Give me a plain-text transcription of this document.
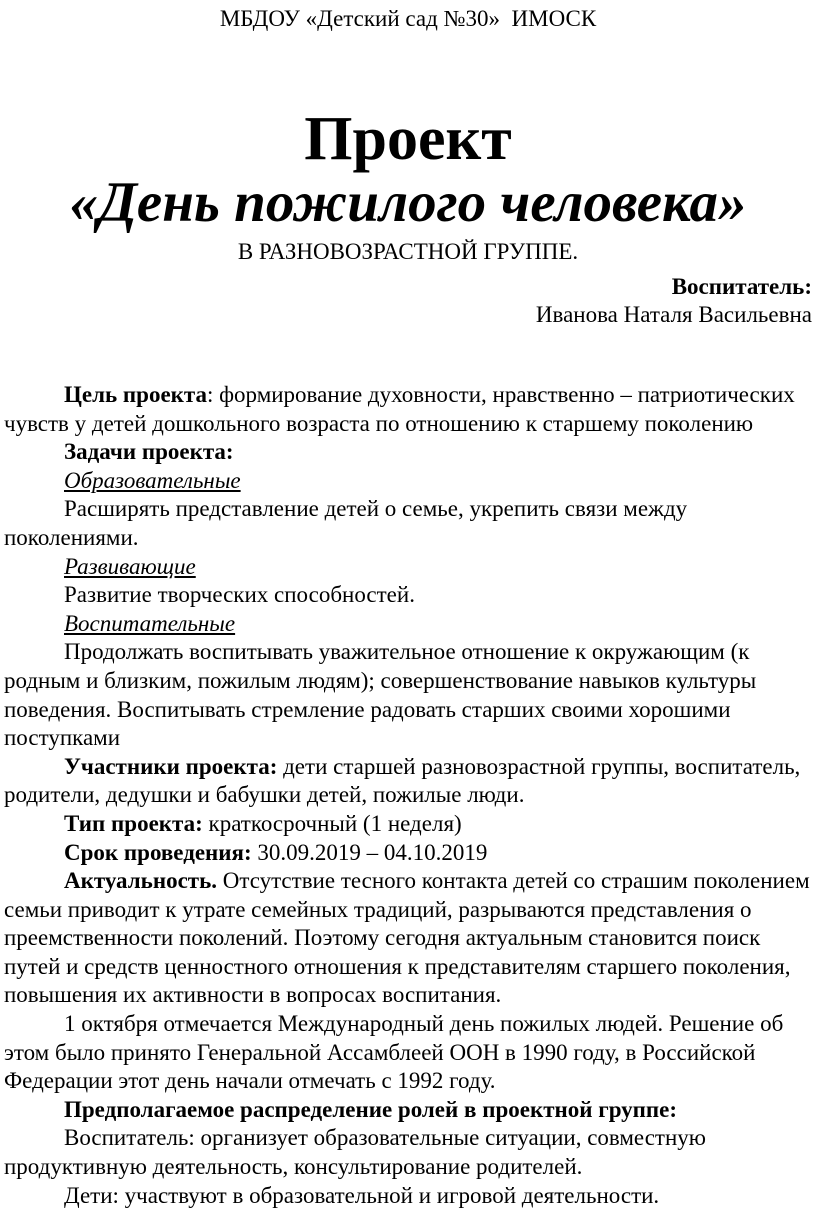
МБДОУ «Детский сад №30»  ИМОСК
Проект
«День пожилого человека»
В РАЗНОВОЗРАСТНОЙ ГРУППЕ.
Воспитатель:
Иванова Наталя Васильевна

Цель проекта: формирование духовности, нравственно – патриотических чувств у детей дошкольного возраста по отношению к старшему поколению

Задачи проекта:

Образовательные

Расширять представление детей о семье, укрепить связи между поколениями.

Развивающие

Развитие творческих способностей.

Воспитательные

Продолжать воспитывать уважительное отношение к окружающим (к родным и близким, пожилым людям); совершенствование навыков культуры поведения. Воспитывать стремление радовать старших своими хорошими поступками

Участники проекта: дети старшей разновозрастной группы, воспитатель, родители, дедушки и бабушки детей, пожилые люди.

Тип проекта: краткосрочный (1 неделя)

Срок проведения: 30.09.2019 – 04.10.2019

Актуальность. Отсутствие тесного контакта детей со страшим поколением семьи приводит к утрате семейных традиций, разрываются представления о преемственности поколений. Поэтому сегодня актуальным становится поиск путей и средств ценностного отношения к представителям старшего поколения, повышения их активности в вопросах воспитания.

1 октября отмечается Международный день пожилых людей. Решение об этом было принято Генеральной Ассамблеей ООН в 1990 году, в Российской Федерации этот день начали отмечать с 1992 году.

Предполагаемое распределение ролей в проектной группе:

Воспитатель: организует образовательные ситуации, совместную продуктивную деятельность, консультирование родителей.

Дети: участвуют в образовательной и игровой деятельности.
